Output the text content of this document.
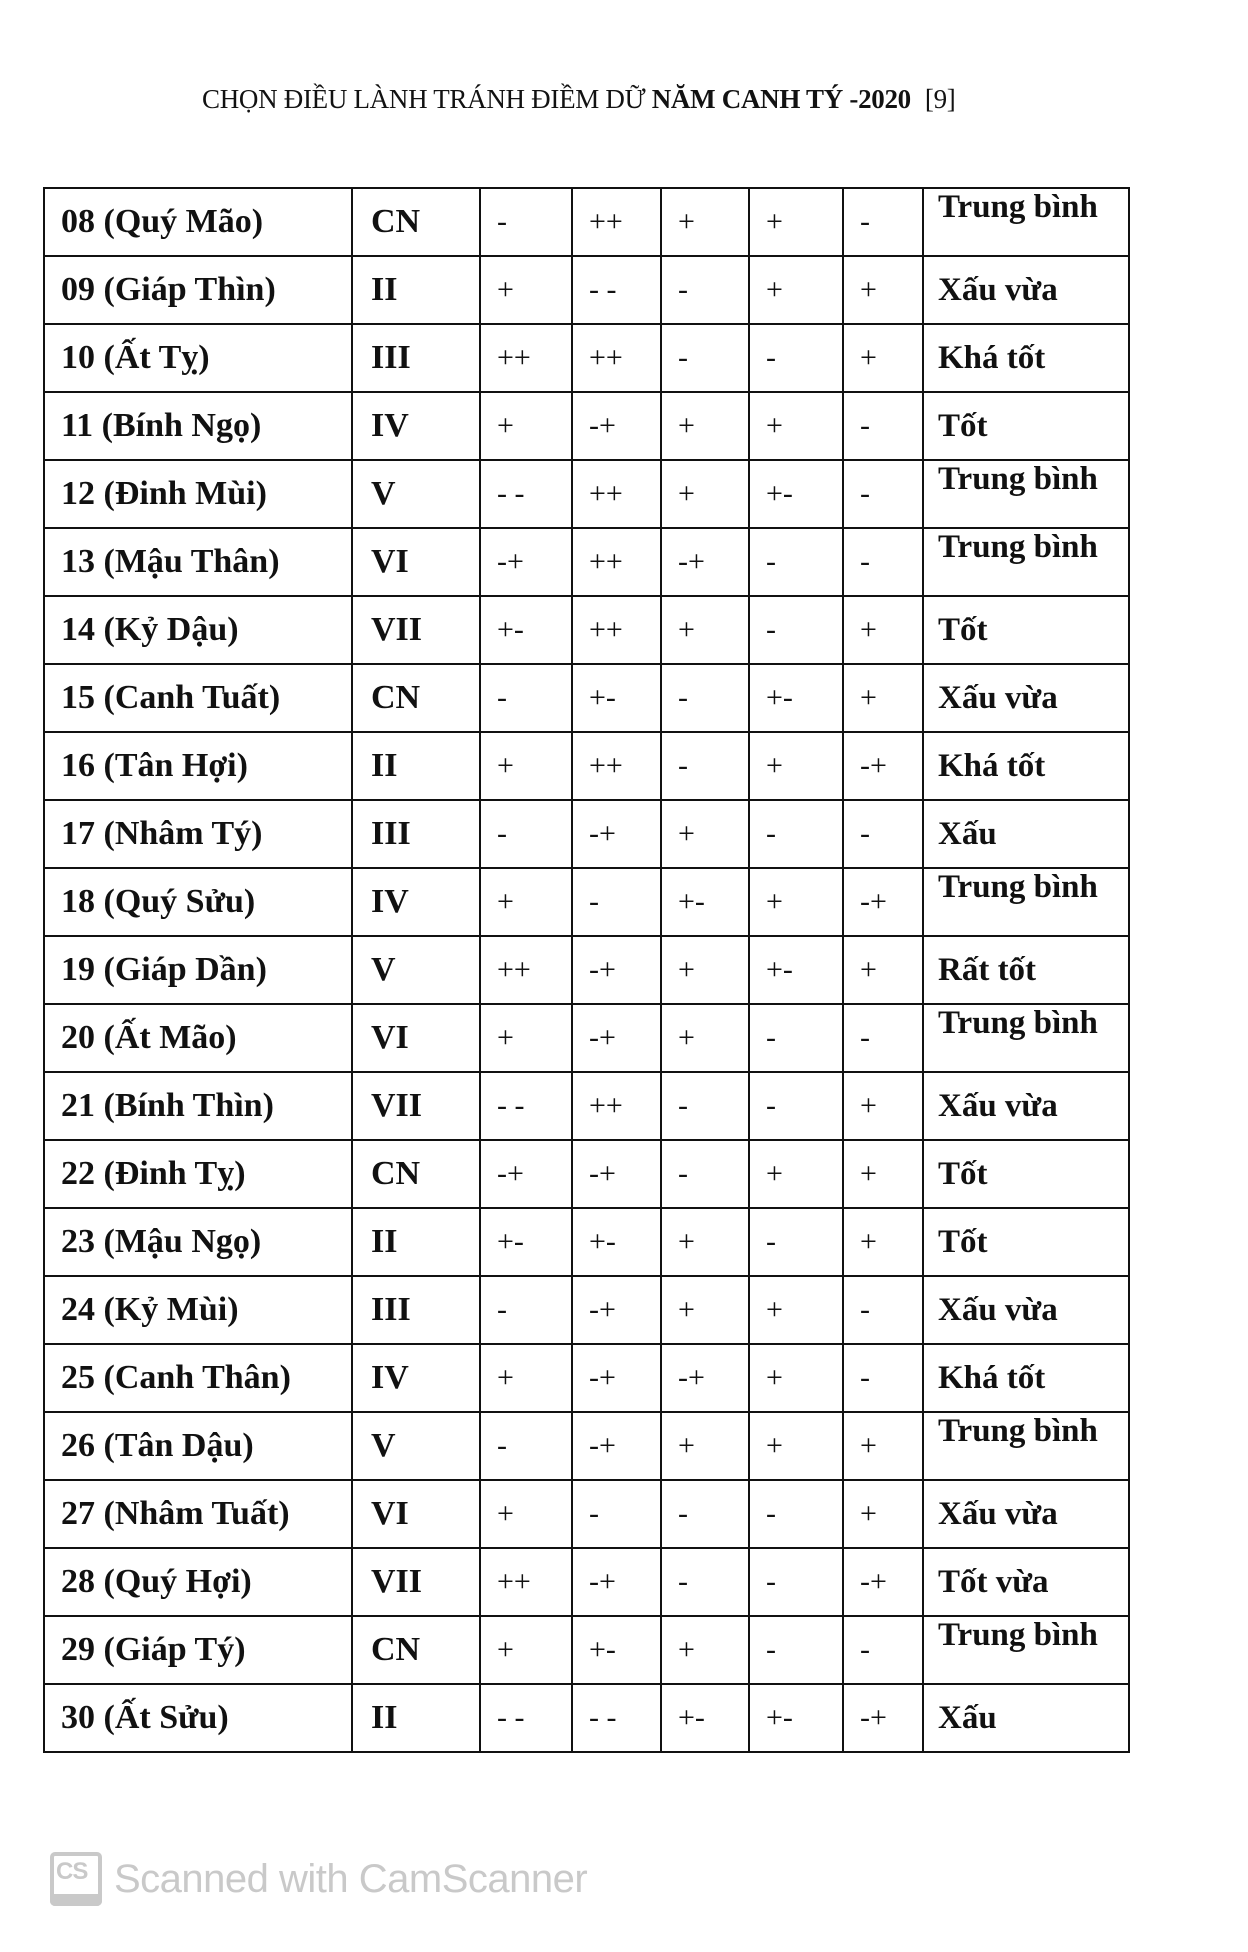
CHỌN ĐIỀU LÀNH TRÁNH ĐIỀM DỮ NĂM CANH TÝ -2020 [9]
08 (Quý Mão)	CN	-	++	+	+	-	Trung bình
09 (Giáp Thìn)	II	+	- -	-	+	+	Xấu vừa
10 (Ất Tỵ)	III	++	++	-	-	+	Khá tốt
11 (Bính Ngọ)	IV	+	-+	+	+	-	Tốt
12 (Đinh Mùi)	V	- -	++	+	+-	-	Trung bình
13 (Mậu Thân)	VI	-+	++	-+	-	-	Trung bình
14 (Kỷ Dậu)	VII	+-	++	+	-	+	Tốt
15 (Canh Tuất)	CN	-	+-	-	+-	+	Xấu vừa
16 (Tân Hợi)	II	+	++	-	+	-+	Khá tốt
17 (Nhâm Tý)	III	-	-+	+	-	-	Xấu
18 (Quý Sửu)	IV	+	-	+-	+	-+	Trung bình
19 (Giáp Dần)	V	++	-+	+	+-	+	Rất tốt
20 (Ất Mão)	VI	+	-+	+	-	-	Trung bình
21 (Bính Thìn)	VII	- -	++	-	-	+	Xấu vừa
22 (Đinh Tỵ)	CN	-+	-+	-	+	+	Tốt
23 (Mậu Ngọ)	II	+-	+-	+	-	+	Tốt
24 (Kỷ Mùi)	III	-	-+	+	+	-	Xấu vừa
25 (Canh Thân)	IV	+	-+	-+	+	-	Khá tốt
26 (Tân Dậu)	V	-	-+	+	+	+	Trung bình
27 (Nhâm Tuất)	VI	+	-	-	-	+	Xấu vừa
28 (Quý Hợi)	VII	++	-+	-	-	-+	Tốt vừa
29 (Giáp Tý)	CN	+	+-	+	-	-	Trung bình
30 (Ất Sửu)	II	- -	- -	+-	+-	-+	Xấu
CS Scanned with CamScanner
